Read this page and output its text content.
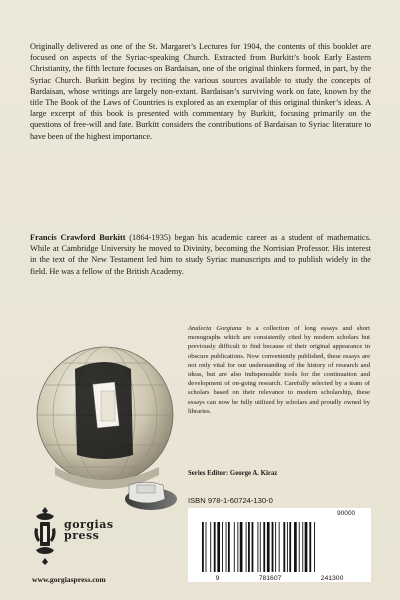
Originally delivered as one of the St. Margaret’s Lectures for 1904, the contents of this booklet are focused on aspects of the Syriac-speaking Church. Extracted from Burkitt’s book Early Eastern Christianity, the fifth lecture focuses on Bardaisan, one of the original thinkers formed, in part, by the Syriac Church. Burkitt begins by reciting the various sources available to study the concepts of Bardaisan, whose writings are largely non-extant. Bardaisan’s surviving work on fate, known by the title The Book of the Laws of Countries is explored as an exemplar of this original thinker’s ideas. A large excerpt of this book is presented with commentary by Burkitt, focusing primarily on the questions of free-will and fate. Burkitt considers the contributions of Bardaisan to Syriac literature to have been of the highest importance.

Francis Crawford Burkitt (1864-1935) began his academic career as a student of mathematics. While at Cambridge University he moved to Divinity, becoming the Norrisian Professor. His interest in the text of the New Testament led him to study Syriac manuscripts and to publish widely in the field. He was a fellow of the British Academy.

Analecta Gorgiana is a collection of long essays and short monographs which are consistently cited by modern scholars but previously difficult to find because of their original appearance in obscure publications. Now conveniently published, these essays are not only vital for our understanding of the history of research and ideas, but are also indispensable tools for the continuation and development of on-going research. Carefully selected by a team of scholars based on their relevance to modern scholarship, these essays can now be fully utilized by scholars and proudly owned by libraries.

Series Editor: George A. Kiraz

ISBN 978-1-60724-130-0
90000
9	781607	241300
gorgias
press
www.gorgiaspress.com
